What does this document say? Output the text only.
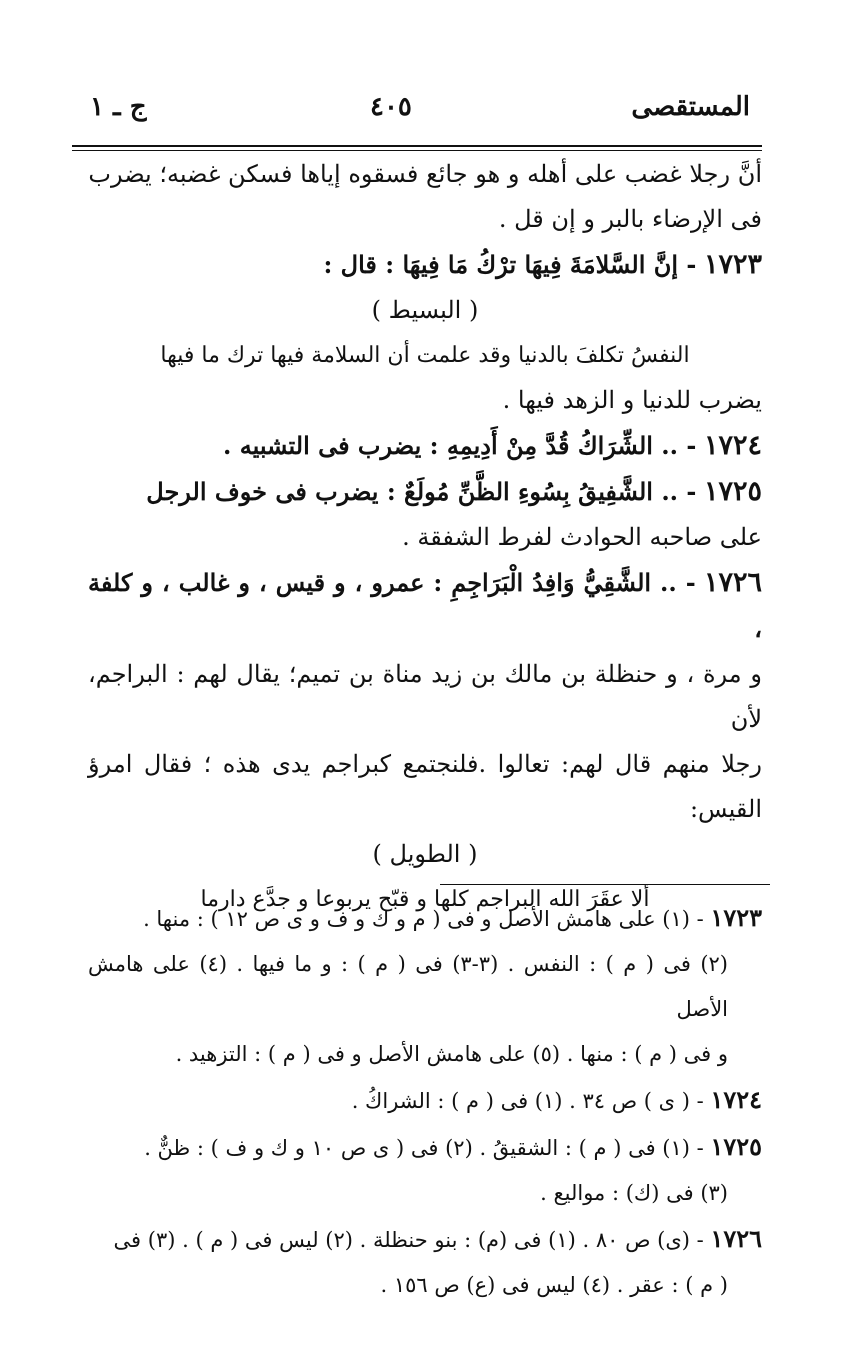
المستقصى
٤٠٥
ج ـ ١

أنَّ رجلا غضب على أهله و هو جائع فسقوه إياها فسكن غضبه؛ يضرب

فى الإرضاء بالبر و إن قل .

١٧٢٣ - إنَّ السَّلامَةَ فِيهَا ترْكُ مَا فِيهَا : قال :

( البسيط )

النفسُ تكلفَ بالدنيا وقد علمت أن السلامة فيها ترك ما فيها

يضرب للدنيا و الزهد فيها .

١٧٢٤ - .. الشِّرَاكُ قُدَّ مِنْ أَدِيمِهِ : يضرب فى التشبيه .

١٧٢٥ - .. الشَّفِيقُ بِسُوءِ الظَّنِّ مُولَعٌ : يضرب فى خوف الرجل

على صاحبه الحوادث لفرط الشفقة .

١٧٢٦ - .. الشَّقِيُّ وَافِدُ الْبَرَاجِمِ : عمرو ، و قيس ، و غالب ، و كلفة ،

و مرة ، و حنظلة بن مالك بن زيد مناة بن تميم؛ يقال لهم : البراجم، لأن

رجلا منهم قال لهم: تعالوا .فلنجتمع كبراجم يدى هذه ؛ فقال امرؤ القيس:

( الطويل )

ألا عقَرَ الله البراجم كلها و قبّح يربوعا و جدَّع دارما

١٧٢٣ - (١) على هامش الأصل و فى ( م و ك و ف و ى ص ١٢ ) : منها .

(٢) فى ( م ) : النفس . (٣-٣) فى ( م ) : و ما فيها . (٤) على هامش الأصل

و فى ( م ) : منها . (٥) على هامش الأصل و فى ( م ) : التزهيد .

١٧٢٤ - ( ى ) ص ٣٤ . (١) فى ( م ) : الشراكُ .

١٧٢٥ - (١) فى ( م ) : الشقيقُ . (٢) فى ( ى ص ١٠ و ك و ف ) : ظنٌّ .

(٣) فى (ك) : مواليع .

١٧٢٦ - (ى) ص ٨٠ . (١) فى (م) : بنو حنظلة . (٢) ليس فى ( م ) . (٣) فى

( م ) : عقر . (٤) ليس فى (ع) ص ١٥٦ .
